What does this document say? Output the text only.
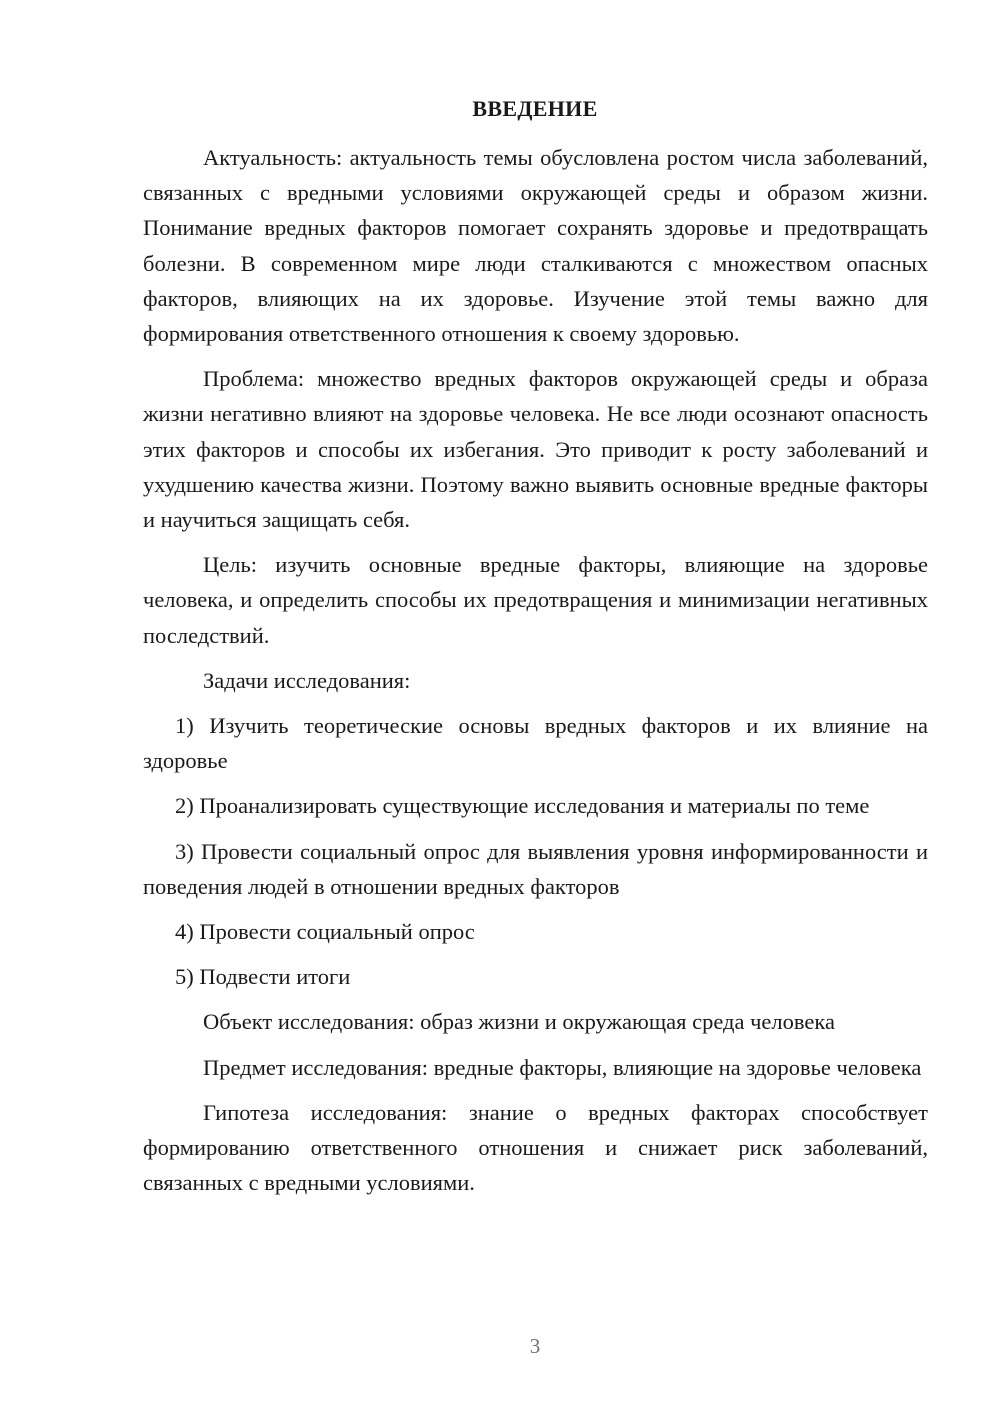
ВВЕДЕНИЕ

Актуальность: актуальность темы обусловлена ростом числа заболеваний, связанных с вредными условиями окружающей среды и образом жизни. Понимание вредных факторов помогает сохранять здоровье и предотвращать болезни. В современном мире люди сталкиваются с множеством опасных факторов, влияющих на их здоровье. Изучение этой темы важно для формирования ответственного отношения к своему здоровью.

Проблема: множество вредных факторов окружающей среды и образа жизни негативно влияют на здоровье человека. Не все люди осознают опасность этих факторов и способы их избегания. Это приводит к росту заболеваний и ухудшению качества жизни. Поэтому важно выявить основные вредные факторы и научиться защищать себя.

Цель: изучить основные вредные факторы, влияющие на здоровье человека, и определить способы их предотвращения и минимизации негативных последствий.

Задачи исследования:

1) Изучить теоретические основы вредных факторов и их влияние на здоровье

2) Проанализировать существующие исследования и материалы по теме

3) Провести социальный опрос для выявления уровня информированности и поведения людей в отношении вредных факторов

4) Провести социальный опрос

5) Подвести итоги

Объект исследования: образ жизни и окружающая среда человека

Предмет исследования: вредные факторы, влияющие на здоровье человека

Гипотеза исследования: знание о вредных факторах способствует формированию ответственного отношения и снижает риск заболеваний, связанных с вредными условиями.

3
